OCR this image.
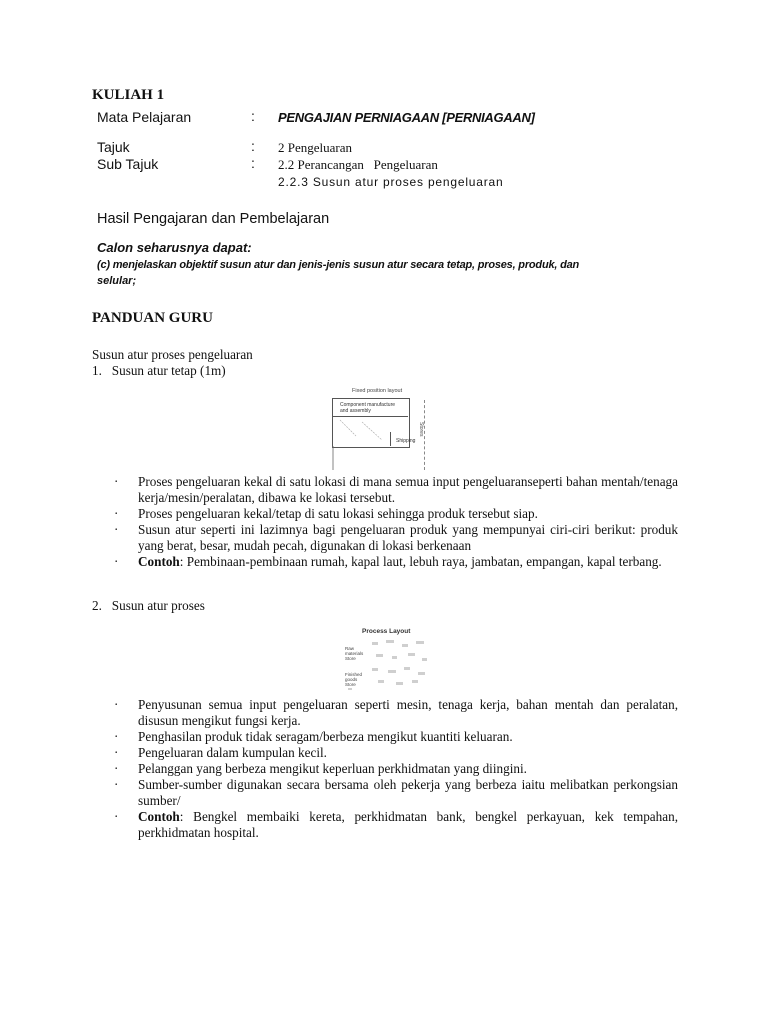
KULIAH 1
Mata Pelajaran	: PENGAJIAN PERNIAGAAN [PERNIAGAAN]
Tajuk	: 2 Pengeluaran
Sub Tajuk	: 2.2 Perancangan   Pengeluaran
2.2.3 Susun atur proses pengeluaran
Hasil Pengajaran dan Pembelajaran
Calon seharusnya dapat:
(c) menjelaskan objektif susun atur dan jenis-jenis susun atur secara tetap, proses, produk, dan
selular;
PANDUAN GURU
Susun atur proses pengeluaran
1.   Susun atur tetap (1m)
Fixed position layout
Component manufacture and assembly
Shipping
Stores
·	Proses pengeluaran kekal di satu lokasi di mana semua input pengeluaranseperti bahan mentah/tenaga kerja/mesin/peralatan, dibawa ke lokasi tersebut.
·	Proses pengeluaran kekal/tetap di satu lokasi sehingga produk tersebut siap.
·	Susun atur seperti ini lazimnya bagi pengeluaran produk yang mempunyai ciri-ciri berikut: produk yang berat, besar, mudah pecah, digunakan di lokasi berkenaan
·	Contoh: Pembinaan-pembinaan rumah, kapal laut, lebuh raya, jambatan, empangan, kapal terbang.
2.   Susun atur proses
Process Layout
Raw materials Store
Finished goods Store
·	Penyusunan semua input pengeluaran seperti mesin, tenaga kerja, bahan mentah dan peralatan, disusun mengikut fungsi kerja.
·	Penghasilan produk tidak seragam/berbeza mengikut kuantiti keluaran.
·	Pengeluaran dalam kumpulan kecil.
·	Pelanggan yang berbeza mengikut keperluan perkhidmatan yang diingini.
·	Sumber-sumber digunakan secara bersama oleh pekerja yang berbeza iaitu melibatkan perkongsian sumber/
·	Contoh: Bengkel membaiki kereta, perkhidmatan bank, bengkel perkayuan, kek tempahan, perkhidmatan hospital.
